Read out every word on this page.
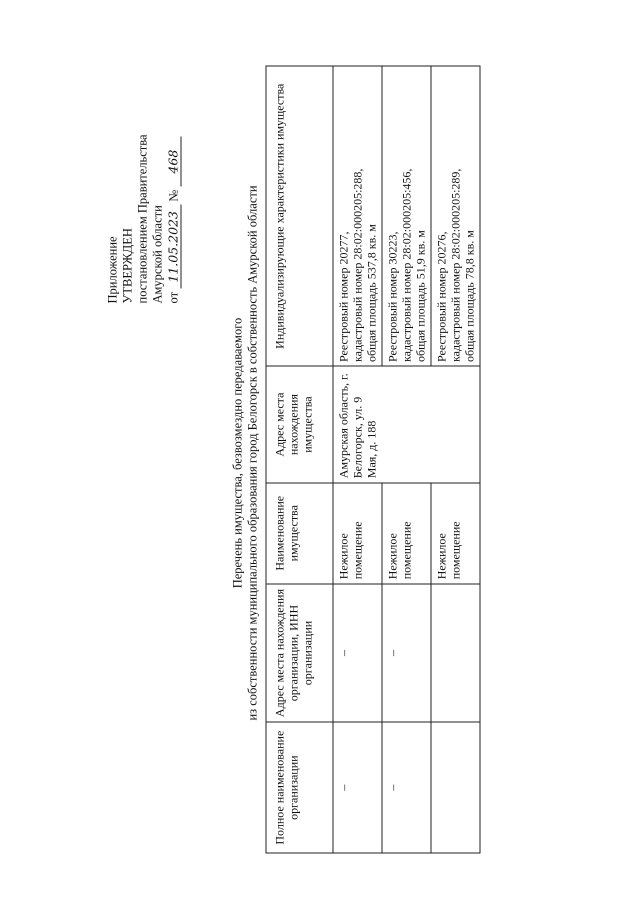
Приложение УТВЕРЖДЕН постановлением Правительства Амурской области от 11.05.2023 № 468
Перечень имущества, безвозмездно передаваемого из собственности муниципального образования город Белогорск в собственность Амурской области
Полное наименование организации	Адрес места нахождения организации, ИНН организации	Наименование имущества	Адрес места нахождения имущества	Индивидуализирующие характеристики имущества
–	–	Нежилое помещение	Амурская область, г. Белогорск, ул. 9 Мая, д. 188	Реестровый номер 20277, кадастровый номер 28:02:000205:288, общая площадь 537,8 кв. м

–	–	Нежилое помещение		Реестровый номер 30223, кадастровый номер 28:02:000205:456, общая площадь 51,9 кв. м

		Нежилое помещение		Реестровый номер 20276, кадастровый номер 28:02:000205:289, общая площадь 78,8 кв. м
